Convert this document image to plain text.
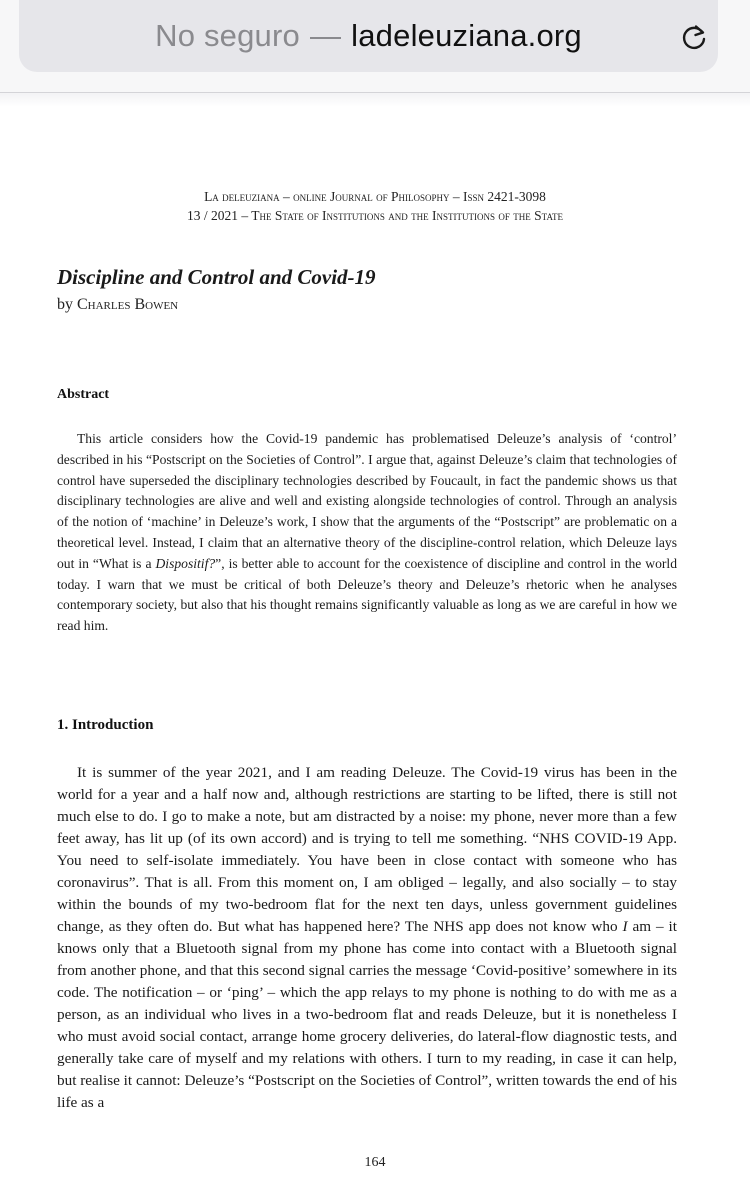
No seguro — ladeleuziana.org
La deleuziana – online Journal of Philosophy – Issn 2421-3098
13 / 2021 – The State of Institutions and the Institutions of the State
Discipline and Control and Covid-19
by Charles Bowen
Abstract

This article considers how the Covid-19 pandemic has problematised Deleuze’s analysis of ‘control’ described in his “Postscript on the Societies of Control”. I argue that, against Deleuze’s claim that technologies of control have superseded the disciplinary technologies described by Foucault, in fact the pandemic shows us that disciplinary technologies are alive and well and existing alongside technologies of control. Through an analysis of the notion of ‘machine’ in Deleuze’s work, I show that the arguments of the “Postscript” are problematic on a theoretical level. Instead, I claim that an alternative theory of the discipline-control relation, which Deleuze lays out in “What is a Dispositif?”, is better able to account for the coexistence of discipline and control in the world today. I warn that we must be critical of both Deleuze’s theory and Deleuze’s rhetoric when he analyses contemporary society, but also that his thought remains significantly valuable as long as we are careful in how we read him.

1. Introduction

It is summer of the year 2021, and I am reading Deleuze. The Covid-19 virus has been in the world for a year and a half now and, although restrictions are starting to be lifted, there is still not much else to do. I go to make a note, but am distracted by a noise: my phone, never more than a few feet away, has lit up (of its own accord) and is trying to tell me something. “NHS COVID-19 App. You need to self-isolate immediately. You have been in close contact with someone who has coronavirus”. That is all. From this moment on, I am obliged – legally, and also socially – to stay within the bounds of my two-bedroom flat for the next ten days, unless government guidelines change, as they often do. But what has happened here? The NHS app does not know who I am – it knows only that a Bluetooth signal from my phone has come into contact with a Bluetooth signal from another phone, and that this second signal carries the message ‘Covid-positive’ somewhere in its code. The notification – or ‘ping’ – which the app relays to my phone is nothing to do with me as a person, as an individual who lives in a two-bedroom flat and reads Deleuze, but it is nonetheless I who must avoid social contact, arrange home grocery deliveries, do lateral-flow diagnostic tests, and generally take care of myself and my relations with others. I turn to my reading, in case it can help, but realise it cannot: Deleuze’s “Postscript on the Societies of Control”, written towards the end of his life as a

164
